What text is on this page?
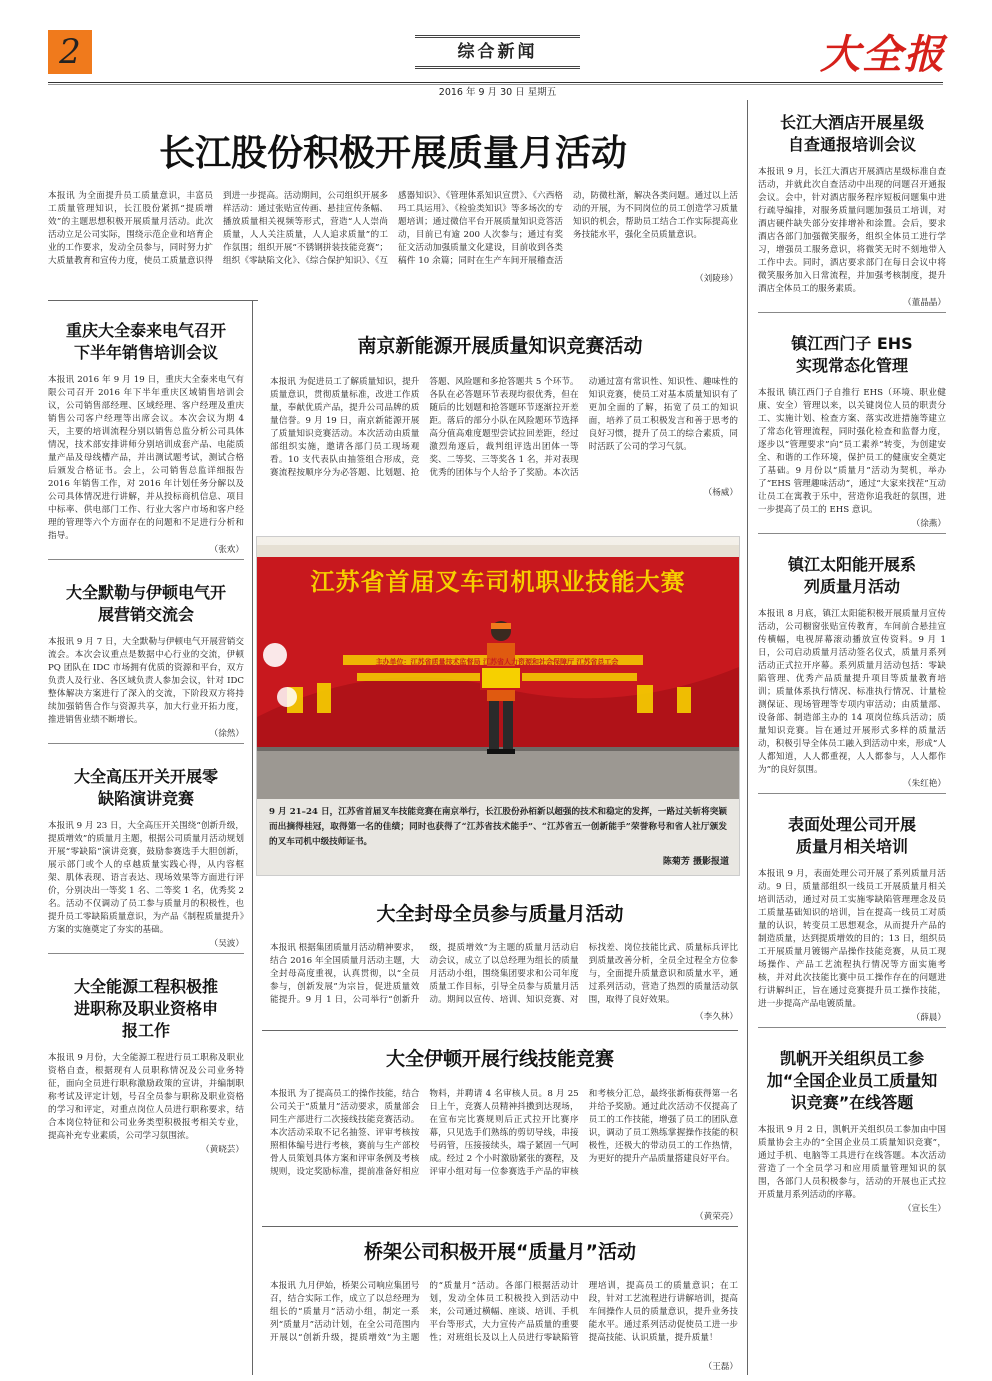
2	综合新闻
2016 年 9 月 30 日 星期五
大全报
长江股份积极开展质量月活动
本报讯 为全面提升员工质量意识，丰富员工质量管理知识，长江股份紧抓“提质增效”的主题思想积极开展质量月活动。此次活动立足公司实际，围绕示范企业和培育企业的工作要求，发动全员参与，同时努力扩大质量教育和宣传力度，使员工质量意识得到进一步提高。活动期间，公司组织开展多样活动：通过张贴宣传画、悬挂宣传条幅、播放质量相关视频等形式，营造“人人崇尚质量，人人关注质量，人人追求质量”的工作氛围；组织开展“不锈钢拼装技能竞赛”；组织《零缺陷文化》、《综合保护知识》、《互感器知识》、《管理体系知识宣贯》、《六西格玛工具运用》、《检验类知识》等多场次的专题培训；通过微信平台开展质量知识竞答活动，目前已有逾 200 人次参与；通过有奖征文活动加强质量文化建设，目前收到各类稿件 10 余篇；同时在生产车间开展稽查活动，防微杜渐，解决各类问题。通过以上活动的开展，为不同岗位的员工创造学习质量知识的机会，帮助员工结合工作实际提高业务技能水平，强化全员质量意识。
（刘陵珍）
重庆大全泰来电气召开下半年销售培训会议
本报讯 2016 年 9 月 19 日，重庆大全泰来电气有限公司召开 2016 年下半年重庆区域销售培训会议，公司销售部经理、区域经理、客户经理及重庆销售公司客户经理等出席会议。本次会议为期 4 天，主要的培训流程分别以销售总监分析公司具体情况，技术部安排讲师分别培训成套产品、电能质量产品及母线槽产品，并出测试题考试，测试合格后颁发合格证书。会上，公司销售总监详细报告 2016 年销售工作，对 2016 年计划任务分解以及公司具体情况进行讲解，并从投标商机信息、项目中标率、供电部门工作、行业大客户市场和客户经理的管理等六个方面存在的问题和不足进行分析和指导。
（张欢）
大全默勒与伊顿电气开展营销交流会
本报讯 9 月 7 日，大全默勒与伊顿电气开展营销交流会。本次会议重点是数据中心行业的交流，伊顿 PQ 团队在 IDC 市场拥有优质的资源和平台，双方负责人及行业、各区域负责人参加会议，针对 IDC 整体解决方案进行了深入的交流，下阶段双方将持续加强销售合作与资源共享，加大行业开拓力度，推进销售业绩不断增长。
（徐然）
大全高压开关开展零缺陷演讲竞赛
本报讯 9 月 23 日，大全高压开关围绕“创新升级，提质增效”的质量月主题，根据公司质量月活动规划开展“零缺陷”演讲竞赛，鼓励参赛选手大胆创新，展示部门或个人的卓越质量实践心得，从内容框架、肌体表现、语言表达、现场效果等方面进行评价，分别决出一等奖 1 名、二等奖 1 名，优秀奖 2 名。活动不仅调动了员工参与质量月的积极性，也提升员工零缺陷质量意识，为产品《制程质量提升》方案的实施奠定了夯实的基础。
（吴波）
大全能源工程积极推进职称及职业资格申报工作
本报讯 9 月份，大全能源工程进行员工职称及职业资格自查，根据现有人员职称情况及公司业务特征，面向全员进行职称激励政策的宣讲，并编制职称考试及评定计划，号召全员参与职称及职业资格的学习和评定，对重点岗位人员进行职称要求，结合本岗位特征和公司业务类型积极报考相关专业，提高补充专业素质，公司学习氛围浓。
（黄晓芸）
长江大酒店开展星级自查通报培训会议
本报讯 9 月，长江大酒店开展酒店星级标准自查活动，并就此次自查活动中出现的问题召开通报会议。会中，针对酒店服务程序短板问题集中进行疏导编排，对服务质量问题加强员工培训，对酒店硬件缺失部分安排增补和涂置。会后，要求酒店各部门加强微笑服务，组织全体员工进行学习，增强员工服务意识，将微笑无时不刻地带入工作中去。同时，酒店要求部门在每日会议中将微笑服务加入日常流程，并加强考核制度，提升酒店全体员工的服务素质。
（董晶晶）
镇江西门子 EHS实现常态化管理
本报讯 镇江西门子自推行 EHS（环境、职业健康、安全）管理以来，以关键岗位人员的职责分工、实施计划、检查方案、落实改进措施等建立了常态化管理流程，同时强化检查和监督力度，逐步以“管理要求”向“员工素养”转变，为创建安全、和谐的工作环境，保护员工的健康安全奠定了基础。9 月份以“质量月”活动为契机，举办了“EHS 管理趣味活动”，通过“大家来找茬”互动让员工在寓教于乐中，营造你追我赶的氛围，进一步提高了员工的 EHS 意识。
（徐燕）
镇江太阳能开展系列质量月活动
本报讯 8 月底，镇江太阳能积极开展质量月宣传活动，公司橱窗张贴宣传教育，车间前合悬挂宣传横幅，电视屏幕滚动播放宣传资料。9 月 1 日，公司启动质量月活动签名仪式，质量月系列活动正式拉开序幕。系列质量月活动包括：零缺陷管理、优秀产品质量提升项目等质量教育培训；质量体系执行情况、标准执行情况、计量检测保证、现场管理等专项内审活动；由质量部、设备部、制造部主办的 14 项岗位练兵活动；质量知识竞赛。旨在通过开展形式多样的质量活动，积极引导全体员工融入到活动中来，形成“人人都知道，人人都重视，人人都参与，人人都作为”的良好氛围。
（朱红艳）
表面处理公司开展质量月相关培训
本报讯 9 月，表面处理公司开展了系列质量月活动。9 日，质量部组织一线员工开展质量月相关培训活动，通过对员工实施零缺陷管理理念及员工质量基础知识的培训，旨在提高一线员工对质量的认识，转变员工思想观念，从而提升产品的制造质量，达到提质增效的目的；13 日，组织员工开展质量月镀锡产品操作技能竞赛，从员工现场操作、产品工艺流程执行情况等方面实施考核，并对此次技能比赛中员工操作存在的问题进行讲解纠正，旨在通过竞赛提升员工操作技能，进一步提高产品电镀质量。
（薛晨）
凯帆开关组织员工参加“全国企业员工质量知识竞赛”在线答题
本报讯 9 月 2 日，凯帆开关组织员工参加由中国质量协会主办的“全国企业员工质量知识竞赛”，通过手机、电脑等工具进行在线答题。本次活动营造了一个全员学习和应用质量管理知识的氛围，各部门人员积极参与，活动的开展也正式拉开质量月系列活动的序幕。
（宣长生）
南京新能源开展质量知识竞赛活动
本报讯 为促进员工了解质量知识，提升质量意识，贯彻质量标准，改进工作质量，奉献优质产品，提升公司品牌的质量信誉。9 月 19 日，南京新能源开展了质量知识竞赛活动。本次活动由质量部组织实施，邀请各部门员工现场观看。10 支代表队由抽签组合形成，竞赛流程按顺序分为必答题、比划题、抢答题、风险题和多抢答题共 5 个环节。各队在必答题环节表现均很优秀，但在随后的比划题和抢答题环节逐渐拉开差距。落后的部分小队在风险题环节选择高分值高难度题型尝试拉回差距，经过激烈角逐后，裁判组评选出团体一等奖、二等奖、三等奖各 1 名，并对表现优秀的团体与个人给予了奖励。本次活动通过富有常识性、知识性、趣味性的知识竞赛，使员工对基本质量知识有了更加全面的了解，拓宽了员工的知识面，培养了员工积极发言和善于思考的良好习惯，提升了员工的综合素质，同时活跃了公司的学习气氛。
（杨威）
江苏省首届叉车司机职业技能大赛
主办单位：江苏省质量技术监督局 江苏省人力资源和社会保障厅 江苏省总工会
9 月 21–24 日，江苏省首届叉车技能竞赛在南京举行，长江股份孙栢新以超强的技术和稳定的发挥，一路过关斩将突颖而出摘得桂冠，取得第一名的佳绩；同时也获得了“江苏省技术能手”、“江苏省五一创新能手”荣誉称号和省人社厅颁发的叉车司机中级技师证书。
陈菊芳 摄影报道
大全封母全员参与质量月活动
本报讯 根据集团质量月活动精神要求，结合 2016 年全国质量月活动主题，大全封母高度重视，认真贯彻，以“全员参与，创新发展”为宗旨，促进质量效能提升。9 月 1 日，公司举行“创新升级，提质增效”为主题的质量月活动启动会议，成立了以总经理为组长的质量月活动小组，围绕集团要求和公司年度质量工作目标，引导全员参与质量月活动。期间以宣传、培训、知识竞赛、对标找差、岗位技能比武、质量标兵评比到质量改善分析，全员全过程全方位参与，全面提升质量意识和质量水平，通过系列活动，营造了热烈的质量活动氛围，取得了良好效果。
（李久林）
大全伊顿开展行线技能竞赛
本报讯 为了提高员工的操作技能，结合公司关于“质量月”活动要求，质量部会同生产部进行二次接线技能竞赛活动。本次活动采取不记名抽签、评审考核按照相体编号进行考核，赛前与生产部校骨人员策划具体方案和评审条例及考核规则，设定奖励标准，提前准备好相应物料，并聘请 4 名审核人员。8 月 25 日上午，竞赛人员精神抖擞到达现场，在宣布完比赛规则后正式拉开比赛序幕，只见选手们熟练的剪切导线，串接号码管，压接接续头，端子紧固一气呵成。经过 2 个小时激励紧张的赛程，及评审小组对每一位参赛选手产品的审核和考核分汇总，最终张新梅获得第一名并给予奖励。通过此次活动不仅提高了员工的工作技能，增强了员工的团队意识，调动了员工熟练掌握操作技能的积极性，还极大的带动员工的工作热情，为更好的提升产品质量搭建良好平台。
（黄荣亮）
桥架公司积极开展“质量月”活动
本报讯 九月伊始，桥架公司响应集团号召，结合实际工作，成立了以总经理为组长的“质量月”活动小组，制定一系列“质量月”活动计划，在全公司范围内开展以“创新升级，提质增效”为主题的“质量月”活动。各部门根据活动计划，发动全体员工积极投入到活动中来，公司通过横幅、座谈、培训、手机平台等形式，大力宣传产品质量的重要性；对班组长及以上人员进行零缺陷管理培训，提高员工的质量意识；在工段，针对工艺流程进行讲解培训，提高车间操作人员的质量意识，提升业务技能水平。通过系列活动促使员工进一步提高技能、认识质量，提升质量！
（王磊）
